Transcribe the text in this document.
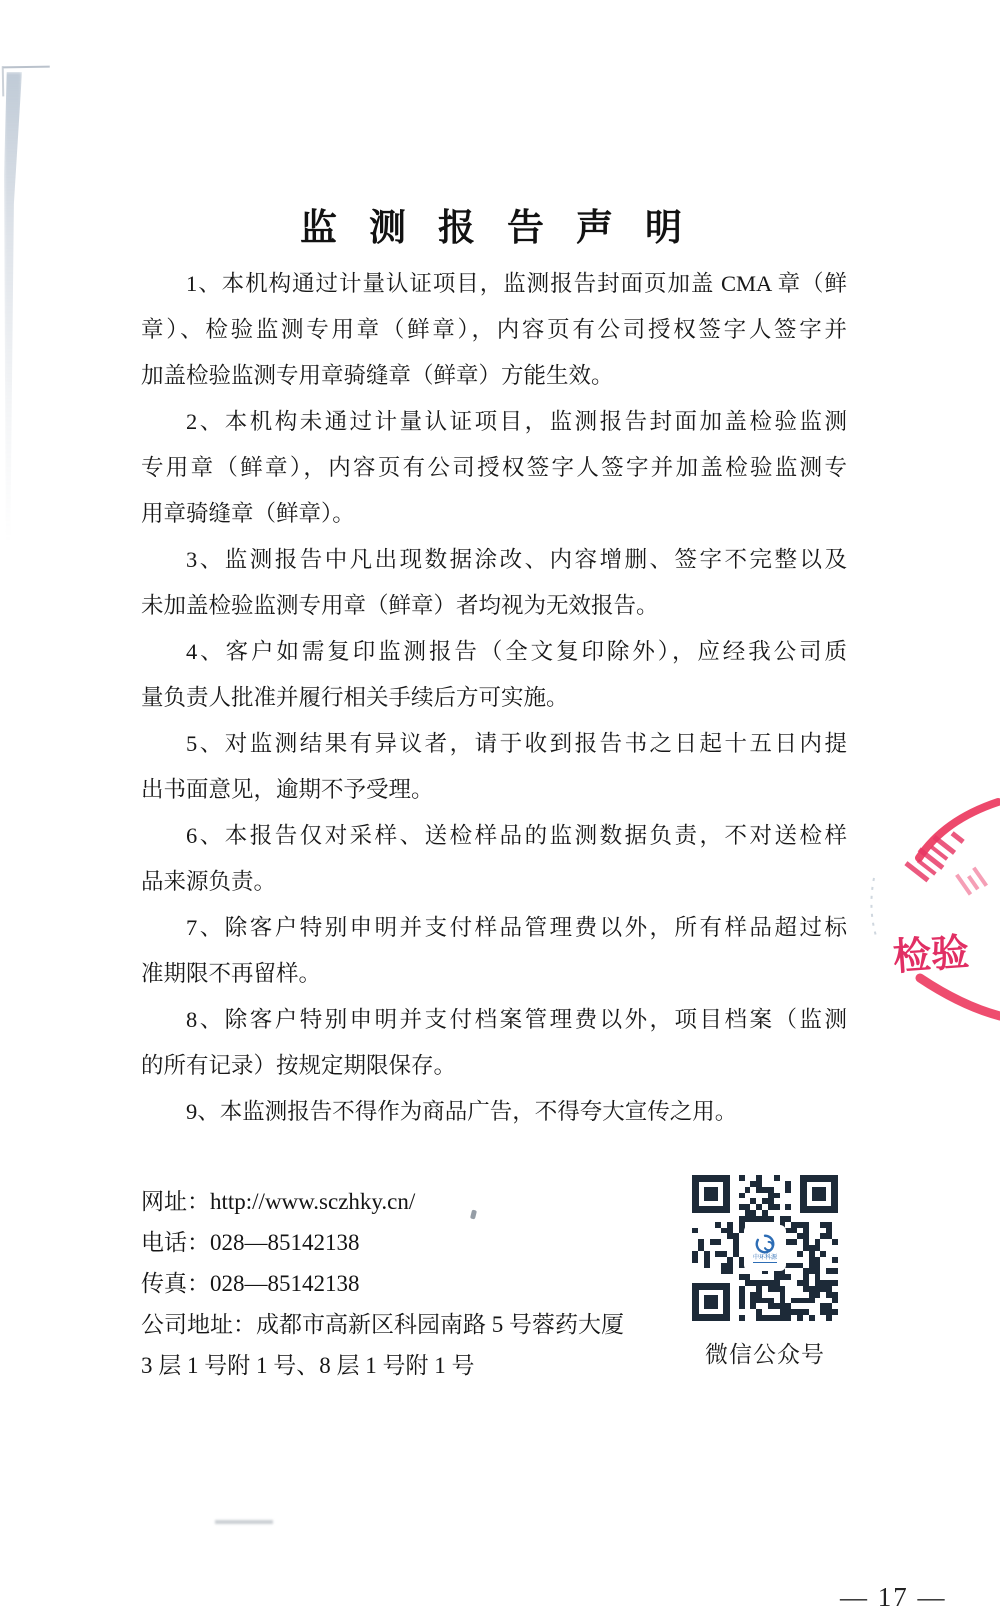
监测报告声明
1、本机构通过计量认证项目，监测报告封面页加盖 CMA 章（鲜
章）、检验监测专用章（鲜章），内容页有公司授权签字人签字并
加盖检验监测专用章骑缝章（鲜章）方能生效。
2、本机构未通过计量认证项目，监测报告封面加盖检验监测
专用章（鲜章），内容页有公司授权签字人签字并加盖检验监测专
用章骑缝章（鲜章）。
3、监测报告中凡出现数据涂改、内容增删、签字不完整以及
未加盖检验监测专用章（鲜章）者均视为无效报告。
4、客户如需复印监测报告（全文复印除外），应经我公司质
量负责人批准并履行相关手续后方可实施。
5、对监测结果有异议者，请于收到报告书之日起十五日内提
出书面意见，逾期不予受理。
6、本报告仅对采样、送检样品的监测数据负责，不对送检样
品来源负责。
7、除客户特别申明并支付样品管理费以外，所有样品超过标
准期限不再留样。
8、除客户特别申明并支付档案管理费以外，项目档案（监测
的所有记录）按规定期限保存。
9、本监测报告不得作为商品广告，不得夸大宣传之用。
网址：http://www.sczhky.cn/
电话：028—85142138
传真：028—85142138
公司地址：成都市高新区科园南路 5 号蓉药大厦
3 层 1 号附 1 号、8 层 1 号附 1 号
中环科源
微信公众号
检验
— 17 —
